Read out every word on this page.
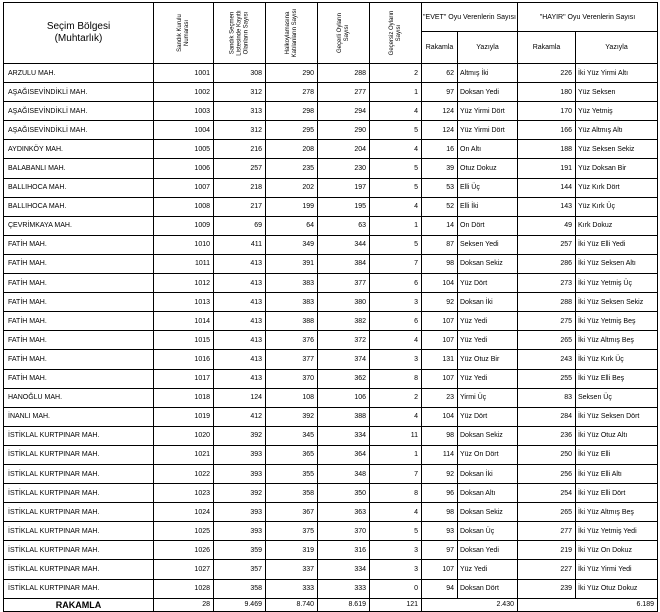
Seçim Bölgesi
(Muhtarlık)	Sandık Kurulu Numarası	Sandık Seçmen Listesinde Kayıtlı Olanların Sayısı	Halkoylamasına Katılanların Sayısı	Geçerli Oyların Sayısı	Geçersiz Oyların Sayısı	"EVET" Oyu Verenlerin Sayısı		"HAYIR" Oyu Verenlerin Sayısı	
						Rakamla	Yazıyla	Rakamla	Yazıyla
ARZULU MAH.	1001	308	290	288	2	62	Altmış İki	226	İki Yüz Yirmi Altı
AŞAĞISEVİNDİKLİ MAH.	1002	312	278	277	1	97	Doksan Yedi	180	Yüz Seksen
AŞAĞISEVİNDİKLİ MAH.	1003	313	298	294	4	124	Yüz Yirmi Dört	170	Yüz Yetmiş
AŞAĞISEVİNDİKLİ MAH.	1004	312	295	290	5	124	Yüz Yirmi Dört	166	Yüz Altmış Altı
AYDINKÖY MAH.	1005	216	208	204	4	16	On Altı	188	Yüz Seksen Sekiz
BALABANLI MAH.	1006	257	235	230	5	39	Otuz Dokuz	191	Yüz Doksan Bir
BALLIHOCA MAH.	1007	218	202	197	5	53	Elli Üç	144	Yüz Kırk Dört
BALLIHOCA MAH.	1008	217	199	195	4	52	Elli İki	143	Yüz Kırk Üç
ÇEVRİMKAYA MAH.	1009	69	64	63	1	14	On Dört	49	Kırk Dokuz
FATİH MAH.	1010	411	349	344	5	87	Seksen Yedi	257	İki Yüz Elli Yedi
FATİH MAH.	1011	413	391	384	7	98	Doksan Sekiz	286	İki Yüz Seksen Altı
FATİH MAH.	1012	413	383	377	6	104	Yüz Dört	273	İki Yüz Yetmiş Üç
FATİH MAH.	1013	413	383	380	3	92	Doksan İki	288	İki Yüz Seksen Sekiz
FATİH MAH.	1014	413	388	382	6	107	Yüz Yedi	275	İki Yüz Yetmiş Beş
FATİH MAH.	1015	413	376	372	4	107	Yüz Yedi	265	İki Yüz Altmış Beş
FATİH MAH.	1016	413	377	374	3	131	Yüz Otuz Bir	243	İki Yüz Kırk Üç
FATİH MAH.	1017	413	370	362	8	107	Yüz Yedi	255	İki Yüz Elli Beş
HANOĞLU MAH.	1018	124	108	106	2	23	Yirmi Üç	83	Seksen Üç
İNANLI MAH.	1019	412	392	388	4	104	Yüz Dört	284	İki Yüz Seksen Dört
İSTİKLAL KURTPINAR MAH.	1020	392	345	334	11	98	Doksan Sekiz	236	İki Yüz Otuz Altı
İSTİKLAL KURTPINAR MAH.	1021	393	365	364	1	114	Yüz On Dört	250	İki Yüz Elli
İSTİKLAL KURTPINAR MAH.	1022	393	355	348	7	92	Doksan İki	256	İki Yüz Elli Altı
İSTİKLAL KURTPINAR MAH.	1023	392	358	350	8	96	Doksan Altı	254	İki Yüz Elli Dört
İSTİKLAL KURTPINAR MAH.	1024	393	367	363	4	98	Doksan Sekiz	265	İki Yüz Altmış Beş
İSTİKLAL KURTPINAR MAH.	1025	393	375	370	5	93	Doksan Üç	277	İki Yüz Yetmiş Yedi
İSTİKLAL KURTPINAR MAH.	1026	359	319	316	3	97	Doksan Yedi	219	İki Yüz On Dokuz
İSTİKLAL KURTPINAR MAH.	1027	357	337	334	3	107	Yüz Yedi	227	İki Yüz Yirmi Yedi
İSTİKLAL KURTPINAR MAH.	1028	358	333	333	0	94	Doksan Dört	239	İki Yüz Otuz Dokuz
RAKAMLA	28	9.469	8.740	8.619	121	2.430		6.189	
